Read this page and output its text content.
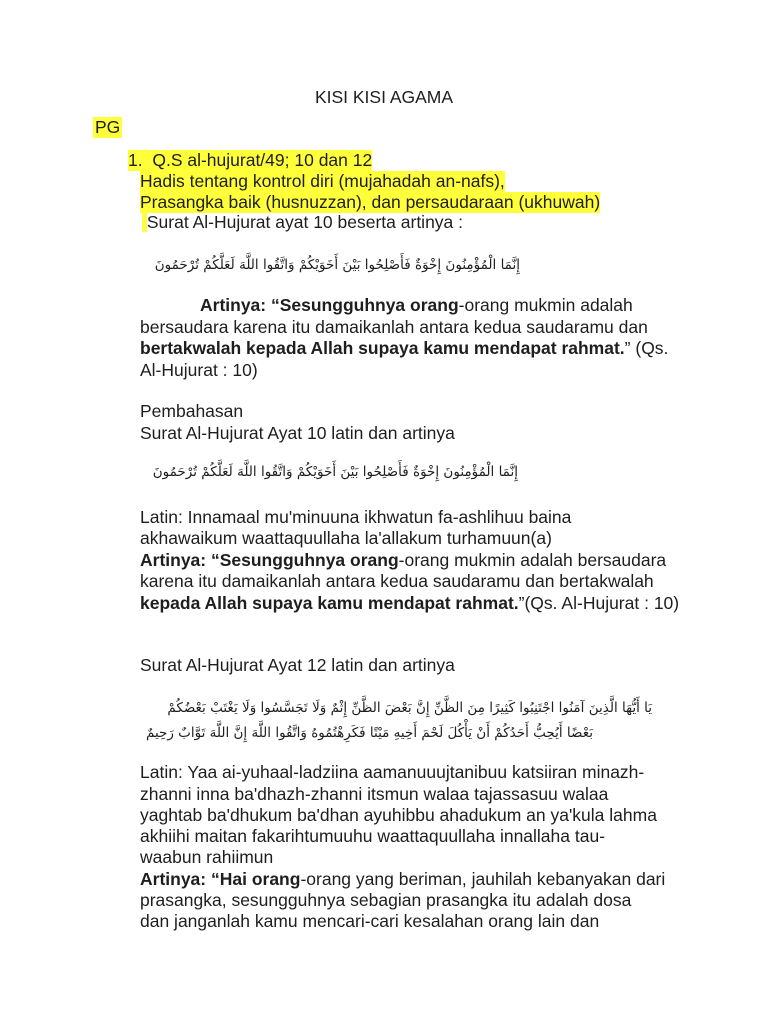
KISI KISI AGAMA
PG
1. Q.S al-hujurat/49; 10 dan 12
Hadis tentang kontrol diri (mujahadah an-nafs),
Prasangka baik (husnuzzan), dan persaudaraan (ukhuwah)
Surat Al-Hujurat ayat 10 beserta artinya :
إِنَّمَا الْمُؤْمِنُونَ إِخْوَةٌ فَأَصْلِحُوا بَيْنَ أَخَوَيْكُمْ وَاتَّقُوا اللَّهَ لَعَلَّكُمْ تُرْحَمُونَ
Artinya: “Sesungguhnya orang-orang mukmin adalah
bersaudara karena itu damaikanlah antara kedua saudaramu dan
bertakwalah kepada Allah supaya kamu mendapat rahmat.” (Qs.
Al-Hujurat : 10)
Pembahasan
Surat Al-Hujurat Ayat 10 latin dan artinya
إِنَّمَا الْمُؤْمِنُونَ إِخْوَةٌ فَأَصْلِحُوا بَيْنَ أَخَوَيْكُمْ وَاتَّقُوا اللَّهَ لَعَلَّكُمْ تُرْحَمُونَ
Latin: Innamaal mu'minuuna ikhwatun fa-ashlihuu baina
akhawaikum waattaquullaha la'allakum turhamuun(a)
Artinya: “Sesungguhnya orang-orang mukmin adalah bersaudara
karena itu damaikanlah antara kedua saudaramu dan bertakwalah
kepada Allah supaya kamu mendapat rahmat.”(Qs. Al-Hujurat : 10)
Surat Al-Hujurat Ayat 12 latin dan artinya
يَا أَيُّهَا الَّذِينَ آمَنُوا اجْتَنِبُوا كَثِيرًا مِنَ الظَّنِّ إِنَّ بَعْضَ الظَّنِّ إِثْمٌ وَلَا تَجَسَّسُوا وَلَا يَغْتَبْ بَعْضُكُمْ
بَعْضًا أَيُحِبُّ أَحَدُكُمْ أَنْ يَأْكُلَ لَحْمَ أَخِيهِ مَيْتًا فَكَرِهْتُمُوهُ وَاتَّقُوا اللَّهَ إِنَّ اللَّهَ تَوَّابٌ رَحِيمٌ
Latin: Yaa ai-yuhaal-ladziina aamanuuujtanibuu katsiiran minazh-
zhanni inna ba'dhazh-zhanni itsmun walaa tajassasuu walaa
yaghtab ba'dhukum ba'dhan ayuhibbu ahadukum an ya'kula lahma
akhiihi maitan fakarihtumuuhu waattaquullaha innallaha tau-
waabun rahiimun
Artinya: “Hai orang-orang yang beriman, jauhilah kebanyakan dari
prasangka, sesungguhnya sebagian prasangka itu adalah dosa
dan janganlah kamu mencari-cari kesalahan orang lain dan
